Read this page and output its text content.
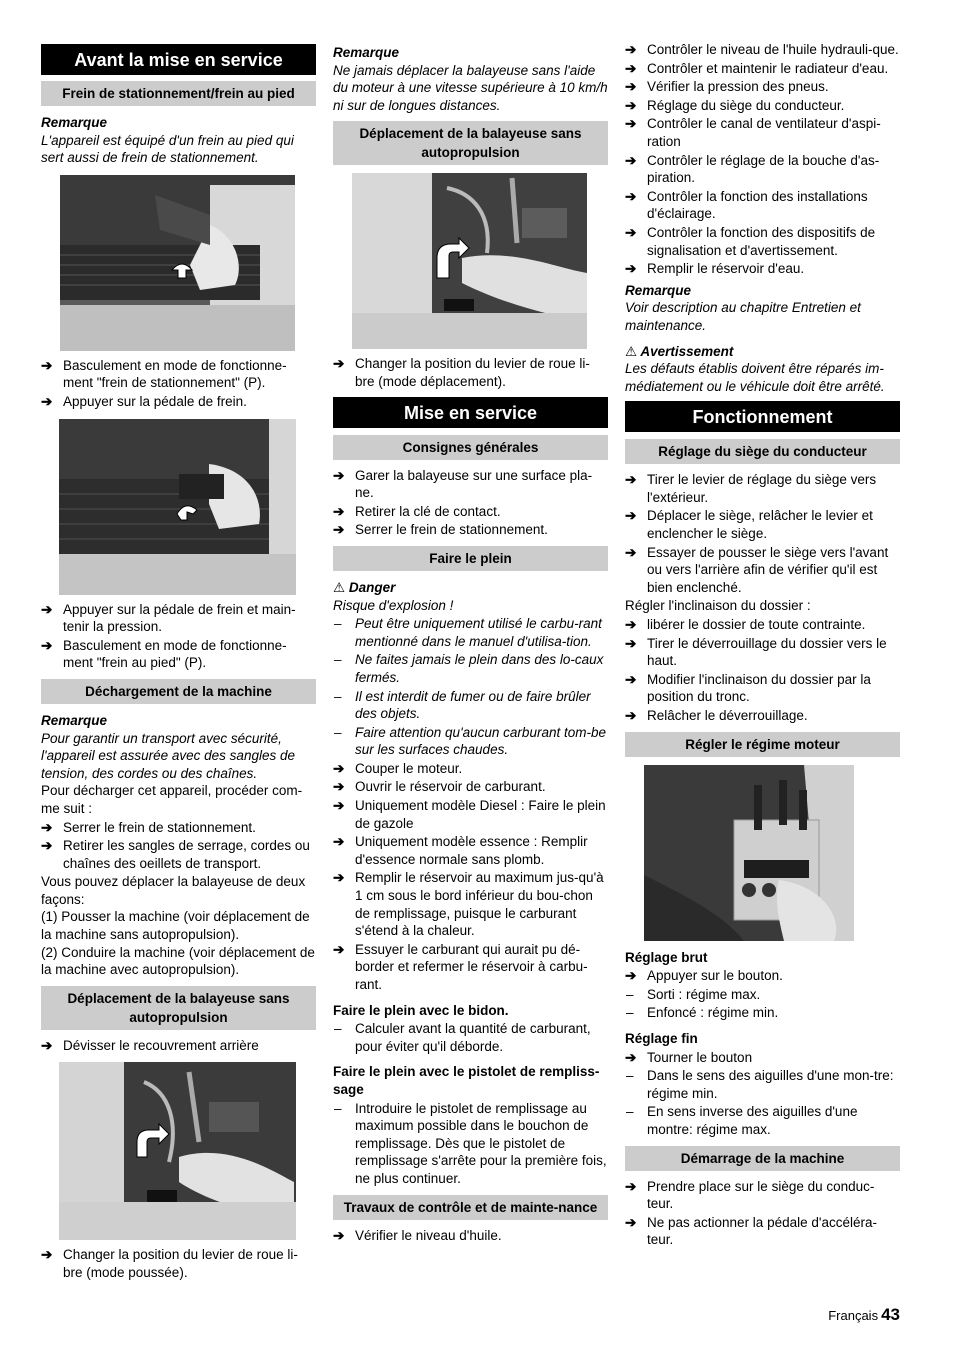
Avant la mise en service
Frein de stationnement/frein au pied
Remarque
L'appareil est équipé d'un frein au pied qui sert aussi de frein de stationnement.
➔ Basculement en mode de fonctionne-ment "frein de stationnement" (P).
➔ Appuyer sur la pédale de frein.
➔ Appuyer sur la pédale de frein et main-tenir la pression.
➔ Basculement en mode de fonctionne-ment "frein au pied" (P).
Déchargement de la machine
Remarque
Pour garantir un transport avec sécurité, l'appareil est assurée avec des sangles de tension, des cordes ou des chaînes.
Pour décharger cet appareil, procéder com-me suit :
➔ Serrer le frein de stationnement.
➔ Retirer les sangles de serrage, cordes ou chaînes des oeillets de transport.
Vous pouvez déplacer la balayeuse de deux façons:
(1) Pousser la machine (voir déplacement de la machine sans autopropulsion).
(2) Conduire la machine (voir déplacement de la machine avec autopropulsion).
Déplacement de la balayeuse sans autopropulsion
➔ Dévisser le recouvrement arrière
➔ Changer la position du levier de roue li-bre (mode poussée).
Remarque
Ne jamais déplacer la balayeuse sans l'aide du moteur à une vitesse supérieure à 10 km/h ni sur de longues distances.
Déplacement de la balayeuse sans autopropulsion
➔ Changer la position du levier de roue li-bre (mode déplacement).
Mise en service
Consignes générales
➔ Garer la balayeuse sur une surface pla-ne.
➔ Retirer la clé de contact.
➔ Serrer le frein de stationnement.
Faire le plein
⚠ Danger
Risque d'explosion !
– Peut être uniquement utilisé le carbu-rant mentionné dans le manuel d'utilisa-tion.
– Ne faites jamais le plein dans des lo-caux fermés.
– Il est interdit de fumer ou de faire brûler des objets.
– Faire attention qu'aucun carburant tom-be sur les surfaces chaudes.
➔ Couper le moteur.
➔ Ouvrir le réservoir de carburant.
➔ Uniquement modèle Diesel : Faire le plein de gazole
➔ Uniquement modèle essence : Remplir d'essence normale sans plomb.
➔ Remplir le réservoir au maximum jus-qu'à 1 cm sous le bord inférieur du bou-chon de remplissage, puisque le carburant s'étend à la chaleur.
➔ Essuyer le carburant qui aurait pu dé-border et refermer le réservoir à carbu-rant.
Faire le plein avec le bidon.
– Calculer avant la quantité de carburant, pour éviter qu'il déborde.
Faire le plein avec le pistolet de rempliss-sage
– Introduire le pistolet de remplissage au maximum possible dans le bouchon de remplissage. Dès que le pistolet de remplissage s'arrête pour la première fois, ne plus continuer.
Travaux de contrôle et de mainte-nance
➔ Vérifier le niveau d'huile.
➔ Contrôler le niveau de l'huile hydrauli-que.
➔ Contrôler et maintenir le radiateur d'eau.
➔ Vérifier la pression des pneus.
➔ Réglage du siège du conducteur.
➔ Contrôler le canal de ventilateur d'aspi-ration
➔ Contrôler le réglage de la bouche d'as-piration.
➔ Contrôler la fonction des installations d'éclairage.
➔ Contrôler la fonction des dispositifs de signalisation et d'avertissement.
➔ Remplir le réservoir d'eau.
Remarque
Voir description au chapitre Entretien et maintenance.
⚠ Avertissement
Les défauts établis doivent être réparés im-médiatement ou le véhicule doit être arrêté.
Fonctionnement
Réglage du siège du conducteur
➔ Tirer le levier de réglage du siège vers l'extérieur.
➔ Déplacer le siège, relâcher le levier et enclencher le siège.
➔ Essayer de pousser le siège vers l'avant ou vers l'arrière afin de vérifier qu'il est bien enclenché.
Régler l'inclinaison du dossier :
➔ libérer le dossier de toute contrainte.
➔ Tirer le déverrouillage du dossier vers le haut.
➔ Modifier l'inclinaison du dossier par la position du tronc.
➔ Relâcher le déverrouillage.
Régler le régime moteur
Réglage brut
➔ Appuyer sur le bouton.
– Sorti : régime max.
– Enfoncé : régime min.
Réglage fin
➔ Tourner le bouton
– Dans le sens des aiguilles d'une mon-tre: régime min.
– En sens inverse des aiguilles d'une montre: régime max.
Démarrage de la machine
➔ Prendre place sur le siège du conduc-teur.
➔ Ne pas actionner la pédale d'accéléra-teur.
Français 43
